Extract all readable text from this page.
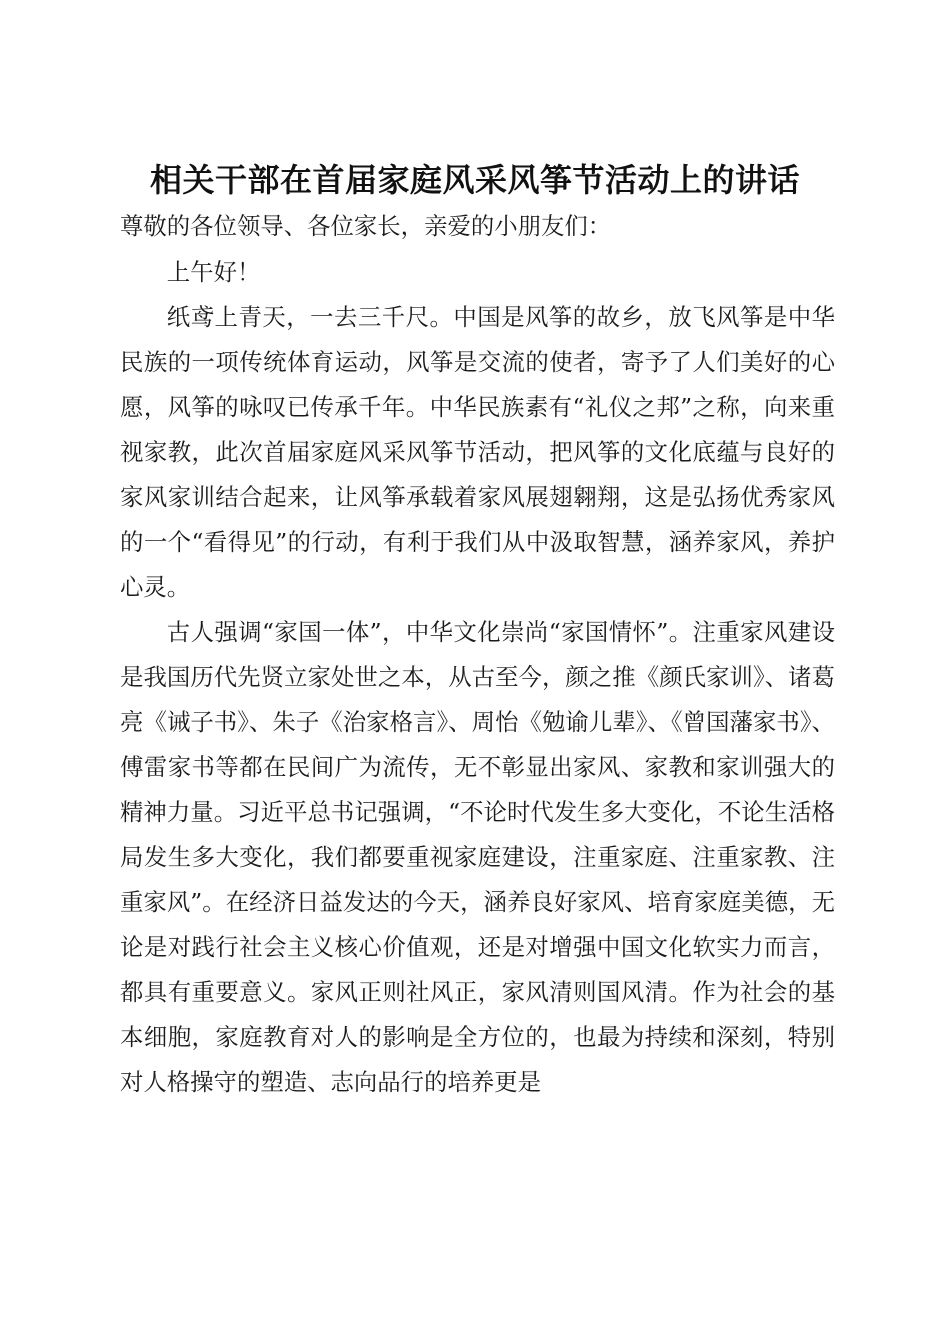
相关干部在首届家庭风采风筝节活动上的讲话

尊敬的各位领导、各位家长，亲爱的小朋友们：

上午好！

纸鸢上青天，一去三千尺。中国是风筝的故乡，放飞风筝是中华民族的一项传统体育运动，风筝是交流的使者，寄予了人们美好的心愿，风筝的咏叹已传承千年。中华民族素有“礼仪之邦”之称，向来重视家教，此次首届家庭风采风筝节活动，把风筝的文化底蕴与良好的家风家训结合起来，让风筝承载着家风展翅翱翔，这是弘扬优秀家风的一个“看得见”的行动，有利于我们从中汲取智慧，涵养家风，养护心灵。

古人强调“家国一体”，中华文化崇尚“家国情怀”。注重家风建设是我国历代先贤立家处世之本，从古至今，颜之推《颜氏家训》、诸葛亮《诫子书》、朱子《治家格言》、周怡《勉谕儿辈》、《曾国藩家书》、傅雷家书等都在民间广为流传，无不彰显出家风、家教和家训强大的精神力量。习近平总书记强调，“不论时代发生多大变化，不论生活格局发生多大变化，我们都要重视家庭建设，注重家庭、注重家教、注重家风”。在经济日益发达的今天，涵养良好家风、培育家庭美德，无论是对践行社会主义核心价值观，还是对增强中国文化软实力而言，都具有重要意义。家风正则社风正，家风清则国风清。作为社会的基本细胞，家庭教育对人的影响是全方位的，也最为持续和深刻，特别对人格操守的塑造、志向品行的培养更是
